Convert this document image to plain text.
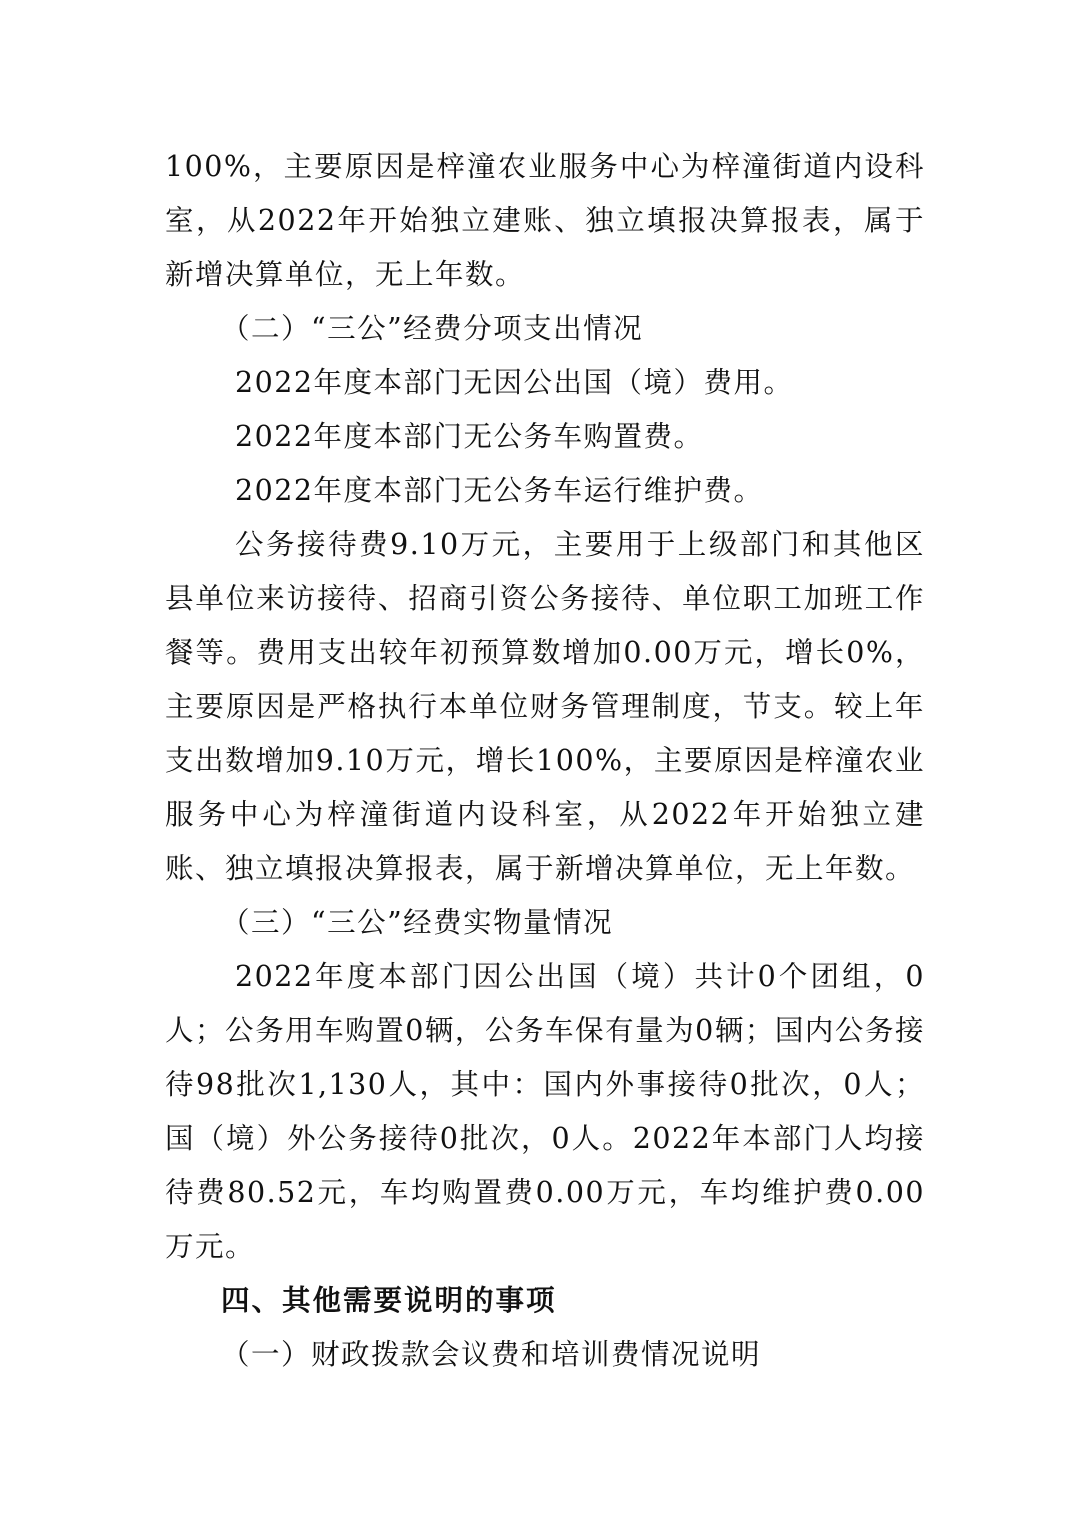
100%，主要原因是梓潼农业服务中心为梓潼街道内设科室，从2022年开始独立建账、独立填报决算报表，属于新增决算单位，无上年数。

（二）“三公”经费分项支出情况

2022年度本部门无因公出国（境）费用。

2022年度本部门无公务车购置费。

2022年度本部门无公务车运行维护费。

公务接待费9.10万元，主要用于上级部门和其他区县单位来访接待、招商引资公务接待、单位职工加班工作餐等。费用支出较年初预算数增加0.00万元，增长0%，主要原因是严格执行本单位财务管理制度，节支。较上年支出数增加9.10万元，增长100%，主要原因是梓潼农业服务中心为梓潼街道内设科室，从2022年开始独立建账、独立填报决算报表，属于新增决算单位，无上年数。

（三）“三公”经费实物量情况

2022年度本部门因公出国（境）共计0个团组，0人；公务用车购置0辆，公务车保有量为0辆；国内公务接待98批次1,130人，其中：国内外事接待0批次，0人；国（境）外公务接待0批次，0人。2022年本部门人均接待费80.52元，车均购置费0.00万元，车均维护费0.00万元。

四、其他需要说明的事项

（一）财政拨款会议费和培训费情况说明
